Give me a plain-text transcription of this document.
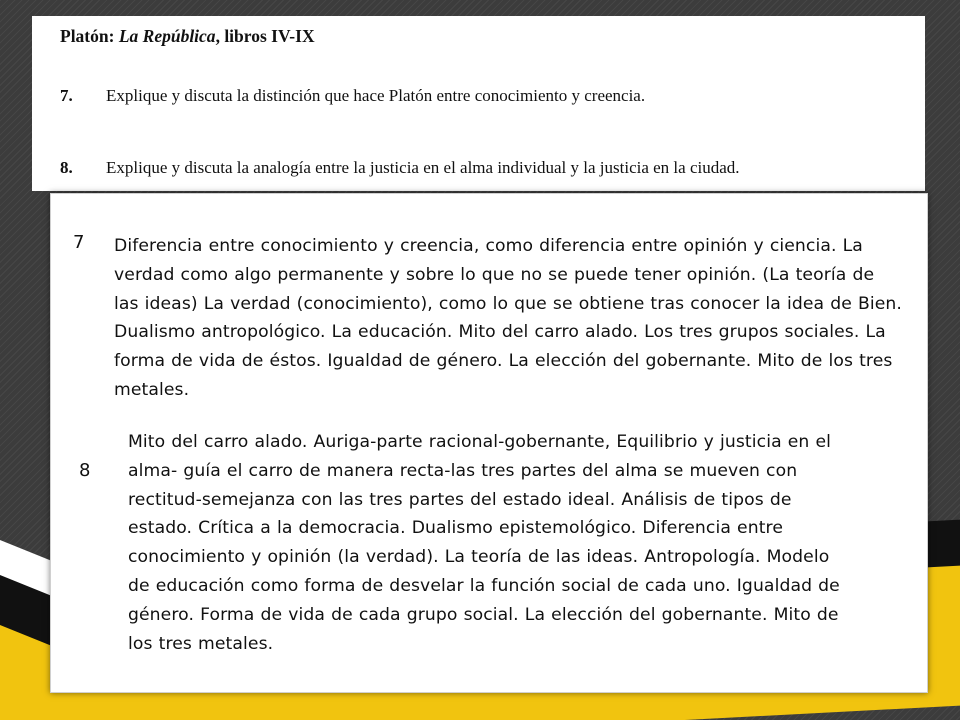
Platón: La República, libros IV-IX
7. Explique y discuta la distinción que hace Platón entre conocimiento y creencia.
8. Explique y discuta la analogía entre la justicia en el alma individual y la justicia en la ciudad.
7 Diferencia entre conocimiento y creencia, como diferencia entre opinión y ciencia. La verdad como algo permanente y sobre lo que no se puede tener opinión. (La teoría de las ideas) La verdad (conocimiento), como lo que se obtiene tras conocer la idea de Bien. Dualismo antropológico. La educación. Mito del carro alado. Los tres grupos sociales. La forma de vida de éstos. Igualdad de género. La elección del gobernante. Mito de los tres metales.

8

Mito del carro alado. Auriga-parte racional-gobernante, Equilibrio y justicia en el alma- guía el carro de manera recta-las tres partes del alma se mueven con rectitud-semejanza con las tres partes del estado ideal. Análisis de tipos de estado. Crítica a la democracia. Dualismo epistemológico. Diferencia entre conocimiento y opinión (la verdad). La teoría de las ideas. Antropología. Modelo de educación como forma de desvelar la función social de cada uno. Igualdad de género. Forma de vida de cada grupo social. La elección del gobernante. Mito de los tres metales.
